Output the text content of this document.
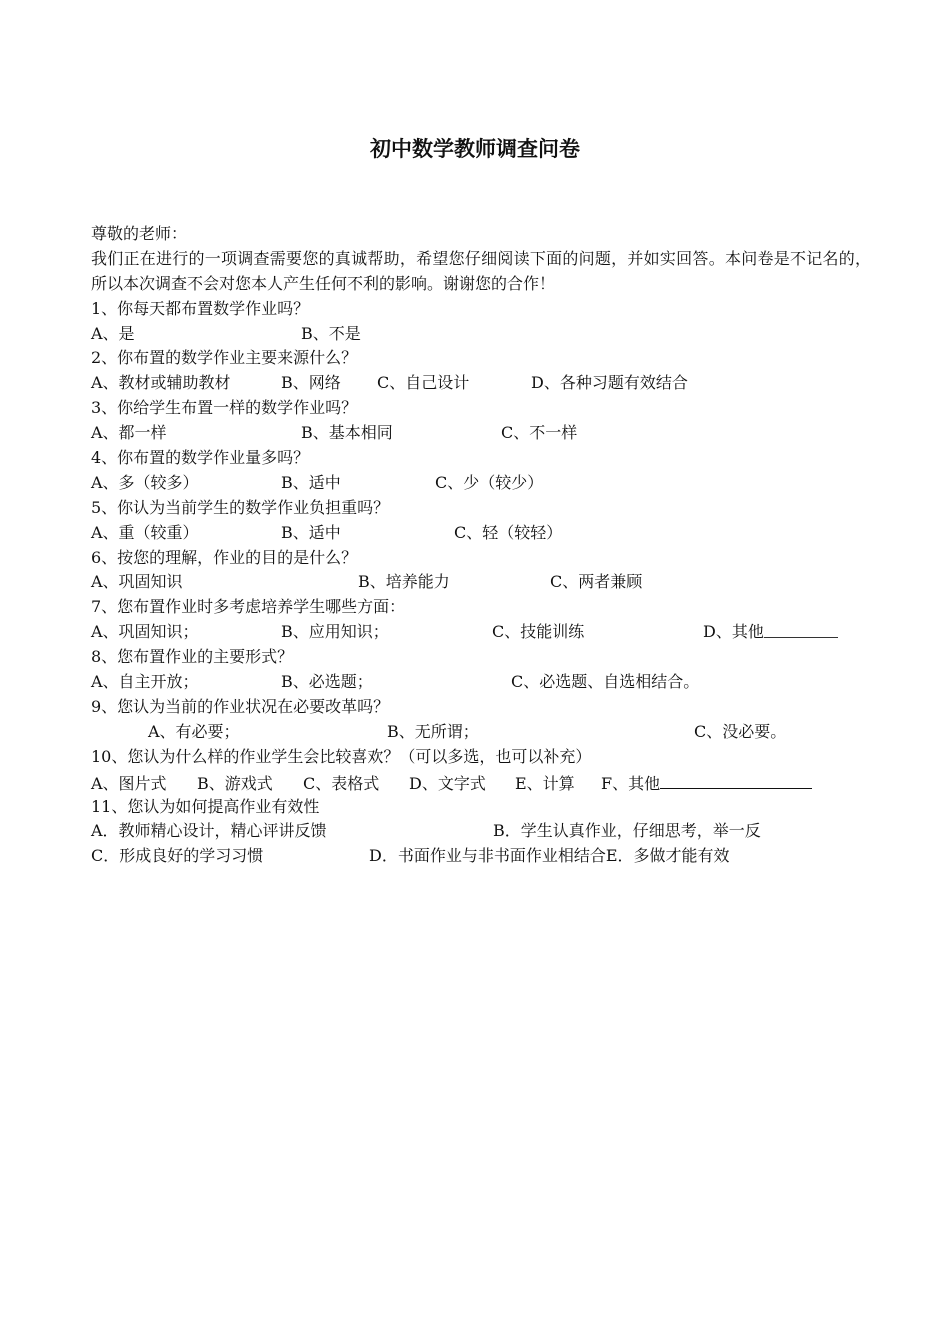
初中数学教师调查问卷
尊敬的老师：
我们正在进行的一项调查需要您的真诚帮助，希望您仔细阅读下面的问题，并如实回答。本问卷是不记名的，所以本次调查不会对您本人产生任何不利的影响。谢谢您的合作！
1、你每天都布置数学作业吗？
A、是	B、不是
2、你布置的数学作业主要来源什么？
A、教材或辅助教材	B、网络 C、自己设计	D、各种习题有效结合
3、你给学生布置一样的数学作业吗？
A、都一样	B、基本相同	C、不一样
4、你布置的数学作业量多吗？
A、多（较多）	B、适中	C、少（较少）
5、你认为当前学生的数学作业负担重吗？
A、重（较重）	B、适中	C、轻（较轻）
6、按您的理解，作业的目的是什么？
A、巩固知识	B、培养能力	C、两者兼顾
7、您布置作业时多考虑培养学生哪些方面：
A、巩固知识；	B、应用知识；	C、技能训练	D、其他
8、您布置作业的主要形式？
A、自主开放；	B、必选题；	C、必选题、自选相结合。
9、您认为当前的作业状况在必要改革吗？
A、有必要；	B、无所谓；	C、没必要。
10、您认为什么样的作业学生会比较喜欢？（可以多选，也可以补充）
A、图片式 B、游戏式 C、表格式 D、文字式 E、计算 F、其他
11、您认为如何提高作业有效性
A．教师精心设计，精心评讲反馈	B．学生认真作业，仔细思考，举一反
C．形成良好的学习习惯	D．书面作业与非书面作业相结合E．多做才能有效
